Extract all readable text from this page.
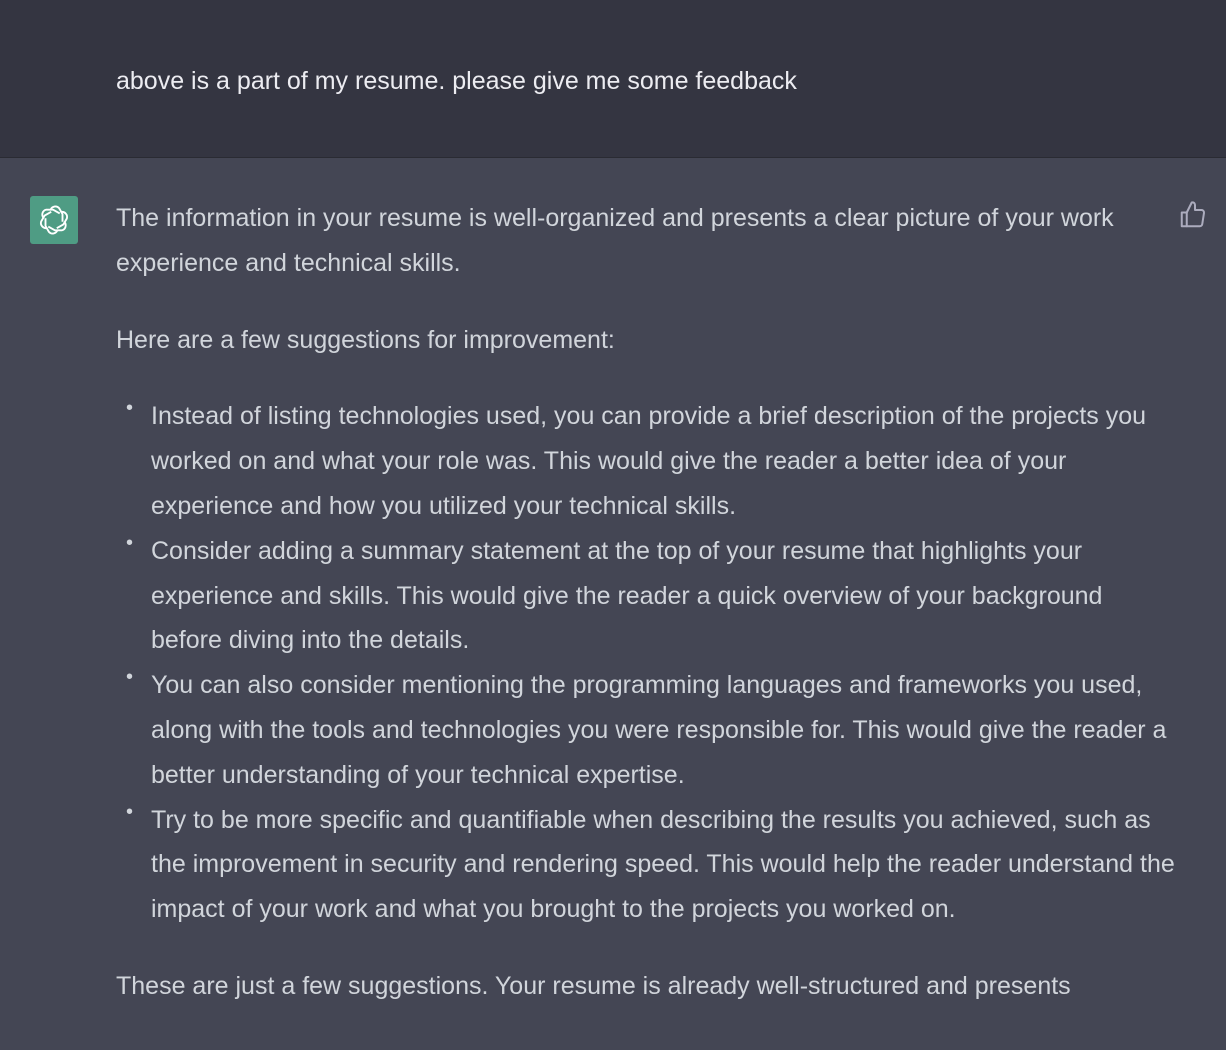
above is a part of my resume. please give me some feedback

The information in your resume is well-organized and presents a clear picture of your work experience and technical skills.

Here are a few suggestions for improvement:

• Instead of listing technologies used, you can provide a brief description of the projects you worked on and what your role was. This would give the reader a better idea of your experience and how you utilized your technical skills.
• Consider adding a summary statement at the top of your resume that highlights your experience and skills. This would give the reader a quick overview of your background before diving into the details.
• You can also consider mentioning the programming languages and frameworks you used, along with the tools and technologies you were responsible for. This would give the reader a better understanding of your technical expertise.
• Try to be more specific and quantifiable when describing the results you achieved, such as the improvement in security and rendering speed. This would help the reader understand the impact of your work and what you brought to the projects you worked on.

These are just a few suggestions. Your resume is already well-structured and presents
